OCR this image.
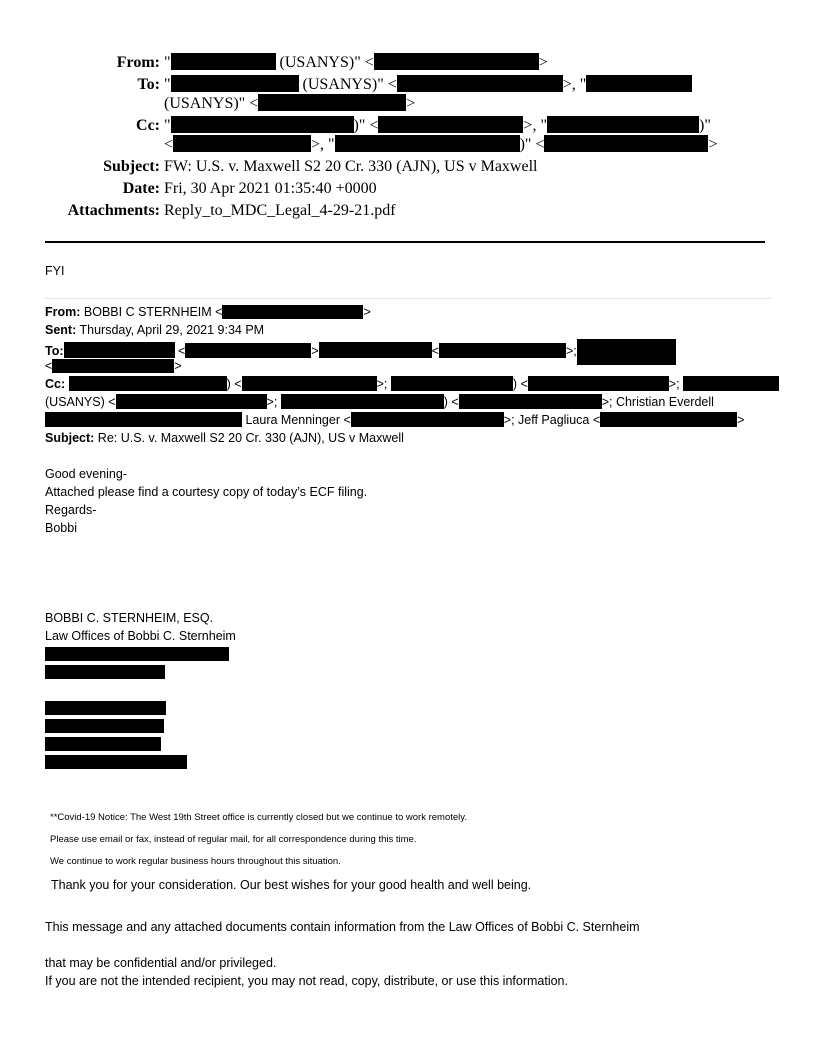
From: "	(USANYS)" <	>
To: "	(USANYS)" <	>, "
(USANYS)" <	>
Cc: "	)" <	>, "	)"
<	>, "	)" <	>
Subject: FW: U.S. v. Maxwell S2 20 Cr. 330 (AJN), US v Maxwell
Date: Fri, 30 Apr 2021 01:35:40 +0000
Attachments: Reply_to_MDC_Legal_4-29-21.pdf
FYI
From: BOBBI C STERNHEIM <	>
Sent: Thursday, April 29, 2021 9:34 PM
To:	<	>	<	>;
<	>
Cc:	) <	>;	) <	>;
(USANYS) <	>;	) <	>; Christian Everdell
Laura Menninger <	>; Jeff Pagliuca <	>
Subject: Re: U.S. v. Maxwell S2 20 Cr. 330 (AJN), US v Maxwell
Good evening-
Attached please find a courtesy copy of today’s ECF filing.
Regards-
Bobbi
BOBBI C. STERNHEIM, ESQ.
Law Offices of Bobbi C. Sternheim
**Covid-19 Notice: The West 19th Street office is currently closed but we continue to work remotely.
Please use email or fax, instead of regular mail, for all correspondence during this time.
We continue to work regular business hours throughout this situation.
Thank you for your consideration. Our best wishes for your good health and well being.
This message and any attached documents contain information from the Law Offices of Bobbi C. Sternheim
that may be confidential and/or privileged.
If you are not the intended recipient, you may not read, copy, distribute, or use this information.
